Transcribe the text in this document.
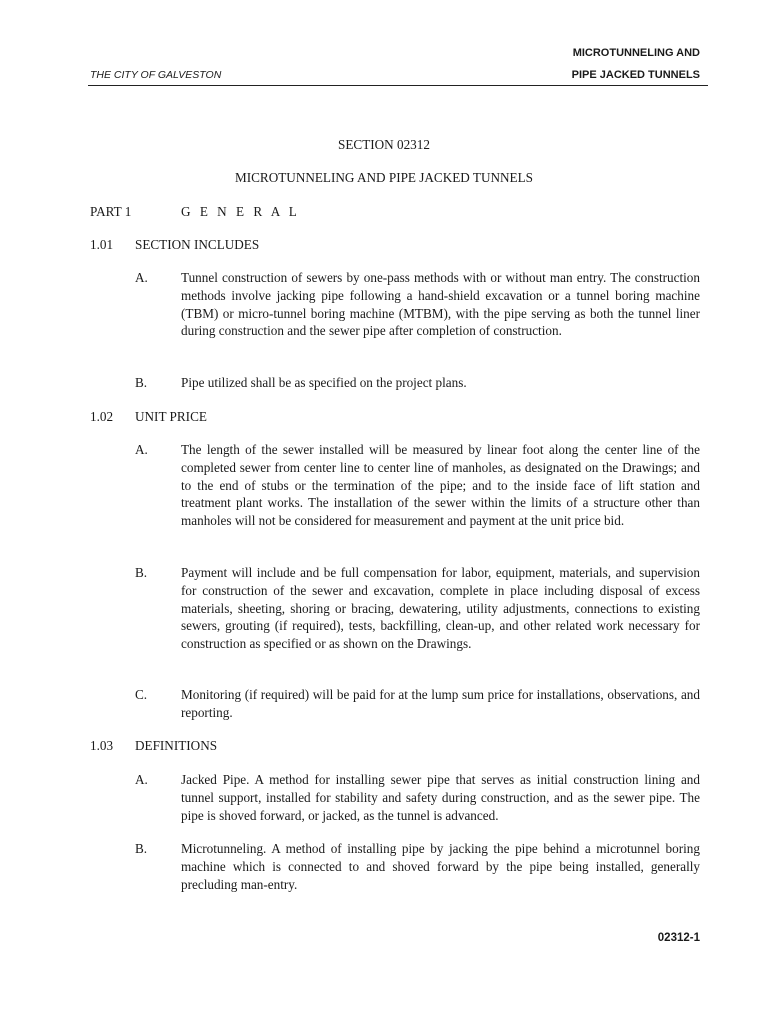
MICROTUNNELING AND
PIPE JACKED TUNNELS
THE CITY OF GALVESTON
SECTION 02312
MICROTUNNELING AND PIPE JACKED TUNNELS
PART 1	G E N E R A L
1.01 SECTION INCLUDES
A.	Tunnel construction of sewers by one-pass methods with or without man entry. The construction methods involve jacking pipe following a hand-shield excavation or a tunnel boring machine (TBM) or micro-tunnel boring machine (MTBM), with the pipe serving as both the tunnel liner during construction and the sewer pipe after completion of construction.
B.	Pipe utilized shall be as specified on the project plans.
1.02 UNIT PRICE
A.	The length of the sewer installed will be measured by linear foot along the center line of the completed sewer from center line to center line of manholes, as designated on the Drawings; and to the end of stubs or the termination of the pipe; and to the inside face of lift station and treatment plant works. The installation of the sewer within the limits of a structure other than manholes will not be considered for measurement and payment at the unit price bid.
B.	Payment will include and be full compensation for labor, equipment, materials, and supervision for construction of the sewer and excavation, complete in place including disposal of excess materials, sheeting, shoring or bracing, dewatering, utility adjustments, connections to existing sewers, grouting (if required), tests, backfilling, clean-up, and other related work necessary for construction as specified or as shown on the Drawings.
C.	Monitoring (if required) will be paid for at the lump sum price for installations, observations, and reporting.
1.03 DEFINITIONS
A.	Jacked Pipe. A method for installing sewer pipe that serves as initial construction lining and tunnel support, installed for stability and safety during construction, and as the sewer pipe. The pipe is shoved forward, or jacked, as the tunnel is advanced.
B.	Microtunneling. A method of installing pipe by jacking the pipe behind a microtunnel boring machine which is connected to and shoved forward by the pipe being installed, generally precluding man-entry.
02312-1
